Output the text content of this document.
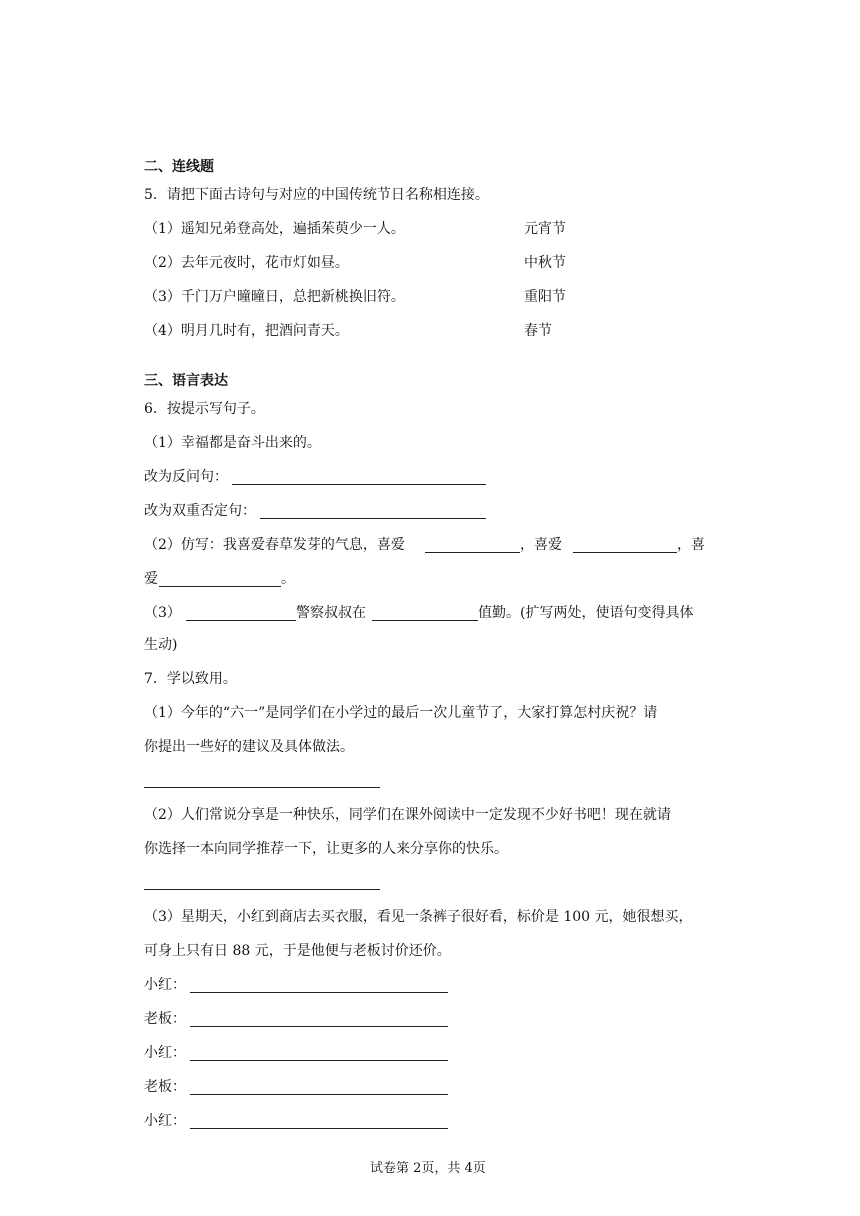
二、连线题
5．请把下面古诗句与对应的中国传统节日名称相连接。
（1）遥知兄弟登高处，遍插茱萸少一人。	元宵节
（2）去年元夜时，花市灯如昼。	中秋节
（3）千门万户曈曈日，总把新桃换旧符。	重阳节
（4）明月几时有，把酒问青天。	春节
三、语言表达
6．按提示写句子。
（1）幸福都是奋斗出来的。
改为反问句：
改为双重否定句：
（2）仿写：我喜爱春草发芽的气息，喜爱	，喜爱	，喜
爱	。
（3）	警察叔叔在	值勤。(扩写两处，使语句变得具体
生动)
7．学以致用。
（1）今年的“六一”是同学们在小学过的最后一次儿童节了，大家打算怎村庆祝？请
你提出一些好的建议及具体做法。
（2）人们常说分享是一种快乐，同学们在课外阅读中一定发现不少好书吧！现在就请
你选择一本向同学推荐一下，让更多的人来分享你的快乐。
（3）星期天，小红到商店去买衣服，看见一条裤子很好看，标价是 100 元，她很想买，
可身上只有日 88 元，于是他便与老板讨价还价。
小红：
老板：
小红：
老板：
小红：
试卷第 2页，共 4页
